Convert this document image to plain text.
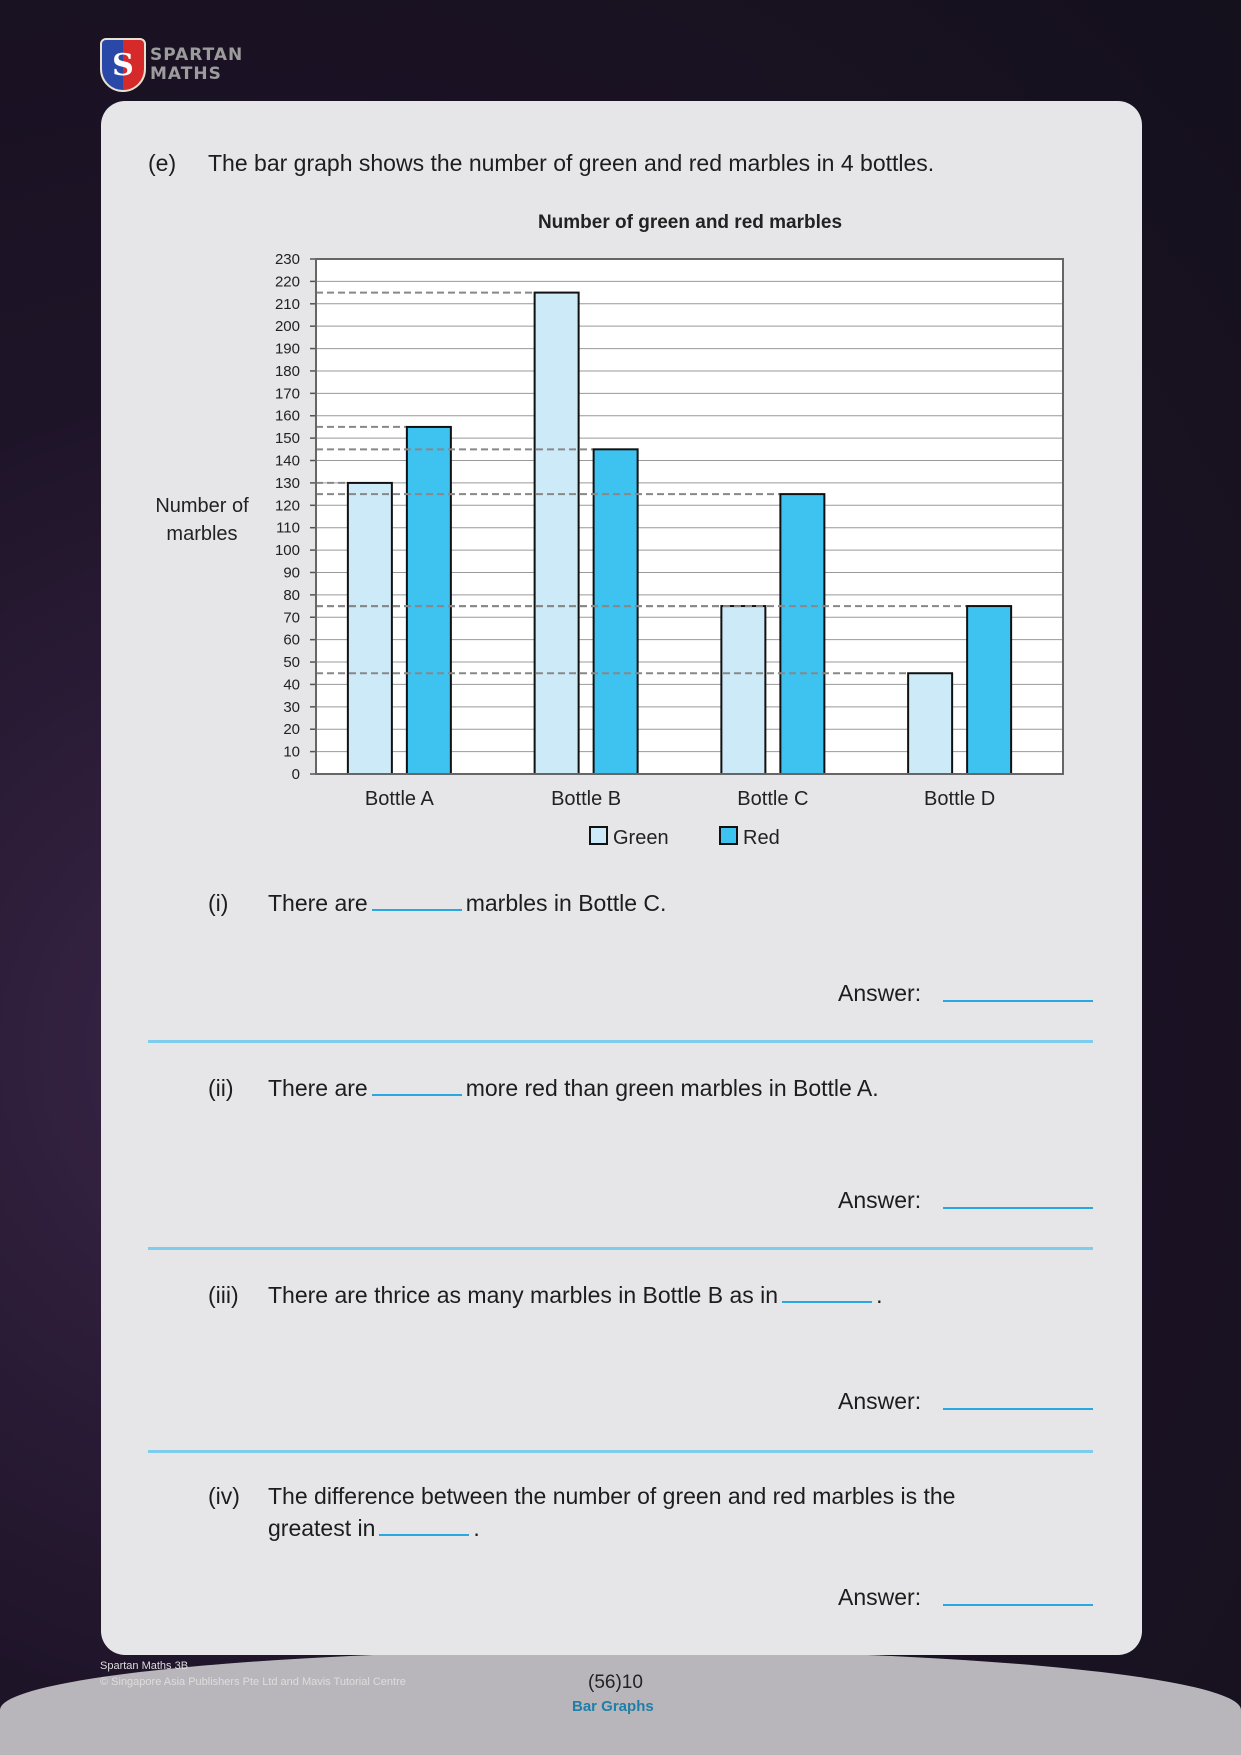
S SPARTAN
MATHS
(e) The bar graph shows the number of green and red marbles in 4 bottles.
0
10
20
30
40
50
60
70
80
90
100
110
120
130
140
150
160
170
180
190
200
210
220
230
Number of green and red marbles
Number of
marbles
Bottle A	Bottle B	Bottle C	Bottle D
Green	Red
(i) There are	marbles in Bottle C.
Answer:
(ii) There are	more red than green marbles in Bottle A.
Answer:
(iii) There are thrice as many marbles in Bottle B as in	.
Answer:
(iv) The difference between the number of green and red marbles is the
greatest in	.
Answer:
Spartan Maths 3B
© Singapore Asia Publishers Pte Ltd and Mavis Tutorial Centre	(56)10
Bar Graphs
